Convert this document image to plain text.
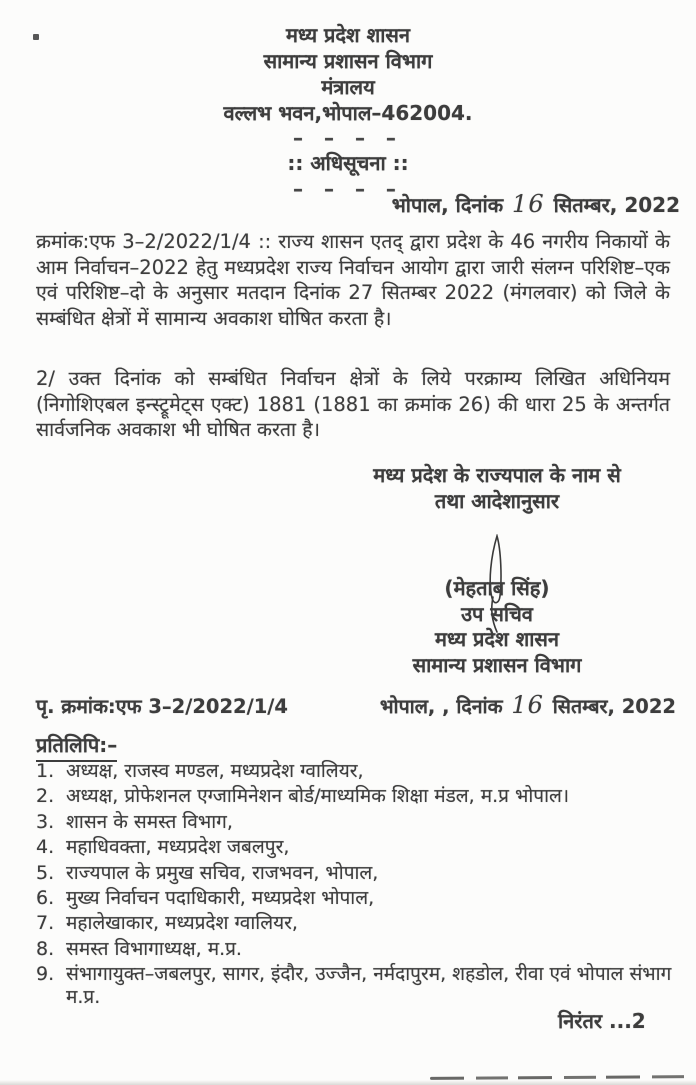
मध्य प्रदेश शासन
सामान्य प्रशासन विभाग
मंत्रालय
वल्लभ भवन,भोपाल–462004.
– – – –
:: अधिसूचना ::
– – – –
भोपाल, दिनांक 16 सितम्बर, 2022

क्रमांक:एफ 3–2/2022/1/4 :: राज्य शासन एतद् द्वारा प्रदेश के 46 नगरीय निकायों के आम निर्वाचन–2022 हेतु मध्यप्रदेश राज्य निर्वाचन आयोग द्वारा जारी संलग्न परिशिष्ट–एक एवं परिशिष्ट–दो के अनुसार मतदान दिनांक 27 सितम्बर 2022 (मंगलवार) को जिले के सम्बंधित क्षेत्रों में सामान्य अवकाश घोषित करता है।

2/ उक्त दिनांक को सम्बंधित निर्वाचन क्षेत्रों के लिये परक्राम्य लिखित अधिनियम (निगोशिएबल इन्स्ट्रूमेट्स एक्ट) 1881 (1881 का क्रमांक 26) की धारा 25 के अन्तर्गत सार्वजनिक अवकाश भी घोषित करता है।

मध्य प्रदेश के राज्यपाल के नाम से
तथा आदेशानुसार
(मेहताब सिंह)
उप सचिव
मध्य प्रदेश शासन
सामान्य प्रशासन विभाग
पृ. क्रमांक:एफ 3–2/2022/1/4	भोपाल, , दिनांक 16 सितम्बर, 2022
प्रतिलिपि:–
1. अध्यक्ष, राजस्व मण्डल, मध्यप्रदेश ग्वालियर,
2. अध्यक्ष, प्रोफेशनल एग्जामिनेशन बोर्ड/माध्यमिक शिक्षा मंडल, म.प्र भोपाल।
3. शासन के समस्त विभाग,
4. महाधिवक्ता, मध्यप्रदेश जबलपुर,
5. राज्यपाल के प्रमुख सचिव, राजभवन, भोपाल,
6. मुख्य निर्वाचन पदाधिकारी, मध्यप्रदेश भोपाल,
7. महालेखाकार, मध्यप्रदेश ग्वालियर,
8. समस्त विभागाध्यक्ष, म.प्र.
9. संभागायुक्त–जबलपुर, सागर, इंदौर, उज्जैन, नर्मदापुरम, शहडोल, रीवा एवं भोपाल संभाग म.प्र.
निरंतर ...2
